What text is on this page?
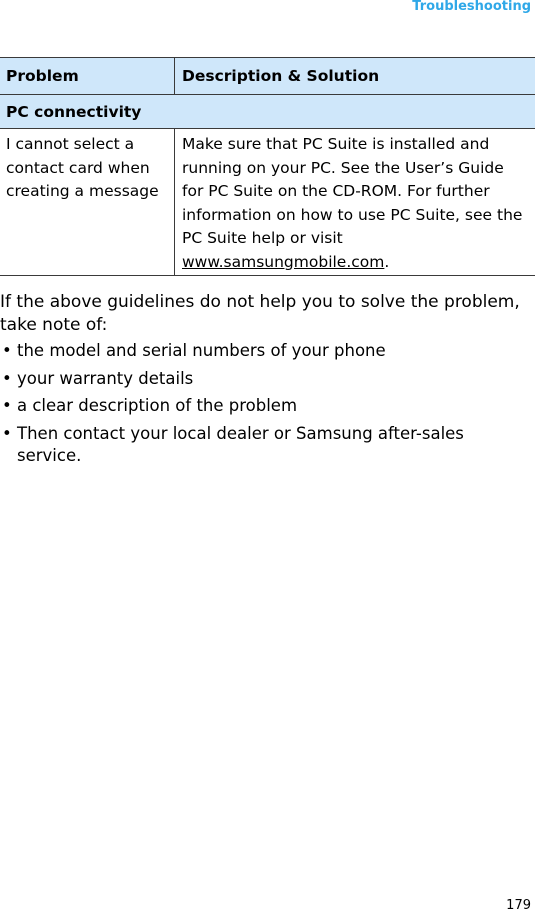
Troubleshooting
Problem	Description & Solution
PC connectivity	
I cannot select a contact card when creating a message	Make sure that PC Suite is installed and running on your PC. See the User’s Guide for PC Suite on the CD-ROM. For further information on how to use PC Suite, see the PC Suite help or visit www.samsungmobile.com.

If the above guidelines do not help you to solve the problem, take note of:

• the model and serial numbers of your phone
• your warranty details
• a clear description of the problem
• Then contact your local dealer or Samsung after-sales service.
179
